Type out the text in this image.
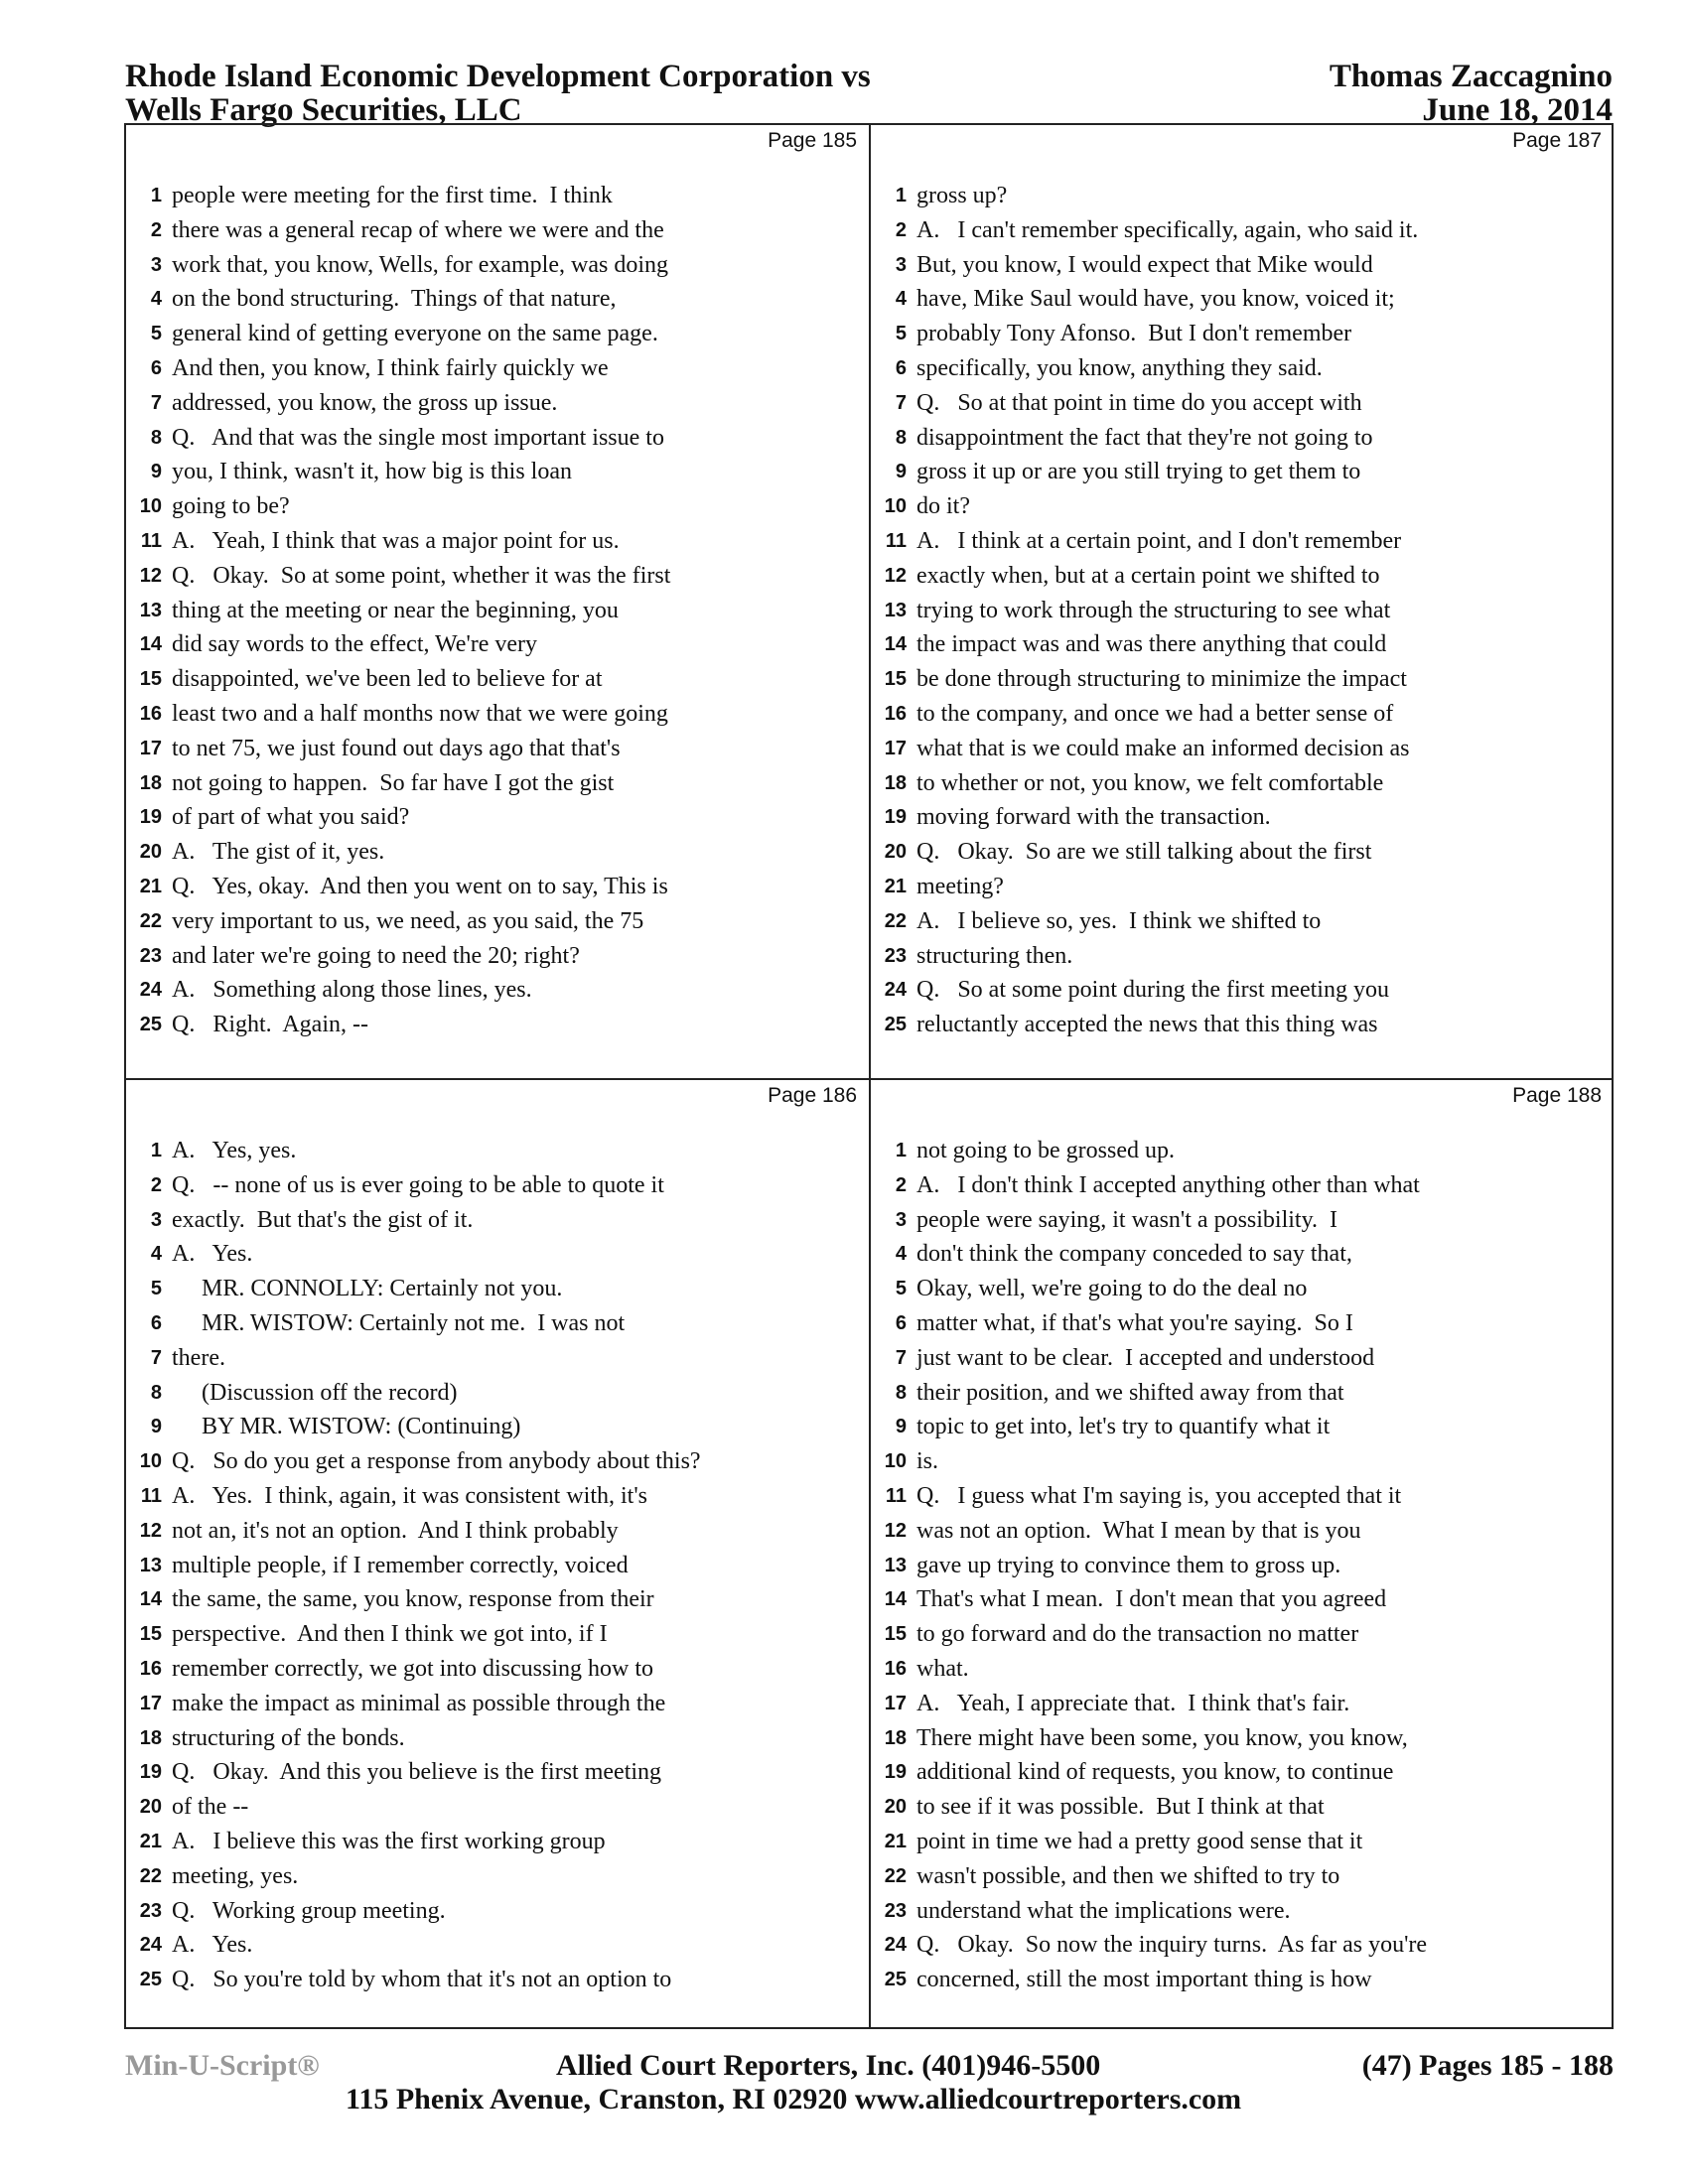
Rhode Island Economic Development Corporation vs
Wells Fargo Securities, LLC
Thomas Zaccagnino
June 18, 2014
Page 185
1 people were meeting for the first time.  I think
2 there was a general recap of where we were and the
3 work that, you know, Wells, for example, was doing
4 on the bond structuring.  Things of that nature,
5 general kind of getting everyone on the same page.
6 And then, you know, I think fairly quickly we
7 addressed, you know, the gross up issue.
8 Q.   And that was the single most important issue to
9 you, I think, wasn't it, how big is this loan
10 going to be?
11 A.   Yeah, I think that was a major point for us.
12 Q.   Okay.  So at some point, whether it was the first
13 thing at the meeting or near the beginning, you
14 did say words to the effect, We're very
15 disappointed, we've been led to believe for at
16 least two and a half months now that we were going
17 to net 75, we just found out days ago that that's
18 not going to happen.  So far have I got the gist
19 of part of what you said?
20 A.   The gist of it, yes.
21 Q.   Yes, okay.  And then you went on to say, This is
22 very important to us, we need, as you said, the 75
23 and later we're going to need the 20; right?
24 A.   Something along those lines, yes.
25 Q.   Right.  Again, --
Page 187
1 gross up?
2 A.   I can't remember specifically, again, who said it.
3 But, you know, I would expect that Mike would
4 have, Mike Saul would have, you know, voiced it;
5 probably Tony Afonso.  But I don't remember
6 specifically, you know, anything they said.
7 Q.   So at that point in time do you accept with
8 disappointment the fact that they're not going to
9 gross it up or are you still trying to get them to
10 do it?
11 A.   I think at a certain point, and I don't remember
12 exactly when, but at a certain point we shifted to
13 trying to work through the structuring to see what
14 the impact was and was there anything that could
15 be done through structuring to minimize the impact
16 to the company, and once we had a better sense of
17 what that is we could make an informed decision as
18 to whether or not, you know, we felt comfortable
19 moving forward with the transaction.
20 Q.   Okay.  So are we still talking about the first
21 meeting?
22 A.   I believe so, yes.  I think we shifted to
23 structuring then.
24 Q.   So at some point during the first meeting you
25 reluctantly accepted the news that this thing was
Page 186
1 A.   Yes, yes.
2 Q.   -- none of us is ever going to be able to quote it
3 exactly.  But that's the gist of it.
4 A.   Yes.
5 MR. CONNOLLY: Certainly not you.
6 MR. WISTOW: Certainly not me.  I was not
7 there.
8 (Discussion off the record)
9 BY MR. WISTOW: (Continuing)
10 Q.   So do you get a response from anybody about this?
11 A.   Yes.  I think, again, it was consistent with, it's
12 not an, it's not an option.  And I think probably
13 multiple people, if I remember correctly, voiced
14 the same, the same, you know, response from their
15 perspective.  And then I think we got into, if I
16 remember correctly, we got into discussing how to
17 make the impact as minimal as possible through the
18 structuring of the bonds.
19 Q.   Okay.  And this you believe is the first meeting
20 of the --
21 A.   I believe this was the first working group
22 meeting, yes.
23 Q.   Working group meeting.
24 A.   Yes.
25 Q.   So you're told by whom that it's not an option to
Page 188
1 not going to be grossed up.
2 A.   I don't think I accepted anything other than what
3 people were saying, it wasn't a possibility.  I
4 don't think the company conceded to say that,
5 Okay, well, we're going to do the deal no
6 matter what, if that's what you're saying.  So I
7 just want to be clear.  I accepted and understood
8 their position, and we shifted away from that
9 topic to get into, let's try to quantify what it
10 is.
11 Q.   I guess what I'm saying is, you accepted that it
12 was not an option.  What I mean by that is you
13 gave up trying to convince them to gross up.
14 That's what I mean.  I don't mean that you agreed
15 to go forward and do the transaction no matter
16 what.
17 A.   Yeah, I appreciate that.  I think that's fair.
18 There might have been some, you know, you know,
19 additional kind of requests, you know, to continue
20 to see if it was possible.  But I think at that
21 point in time we had a pretty good sense that it
22 wasn't possible, and then we shifted to try to
23 understand what the implications were.
24 Q.   Okay.  So now the inquiry turns.  As far as you're
25 concerned, still the most important thing is how
Min-U-Script®	Allied Court Reporters, Inc. (401)946-5500	(47) Pages 185 - 188
115 Phenix Avenue, Cranston, RI 02920 www.alliedcourtreporters.com
